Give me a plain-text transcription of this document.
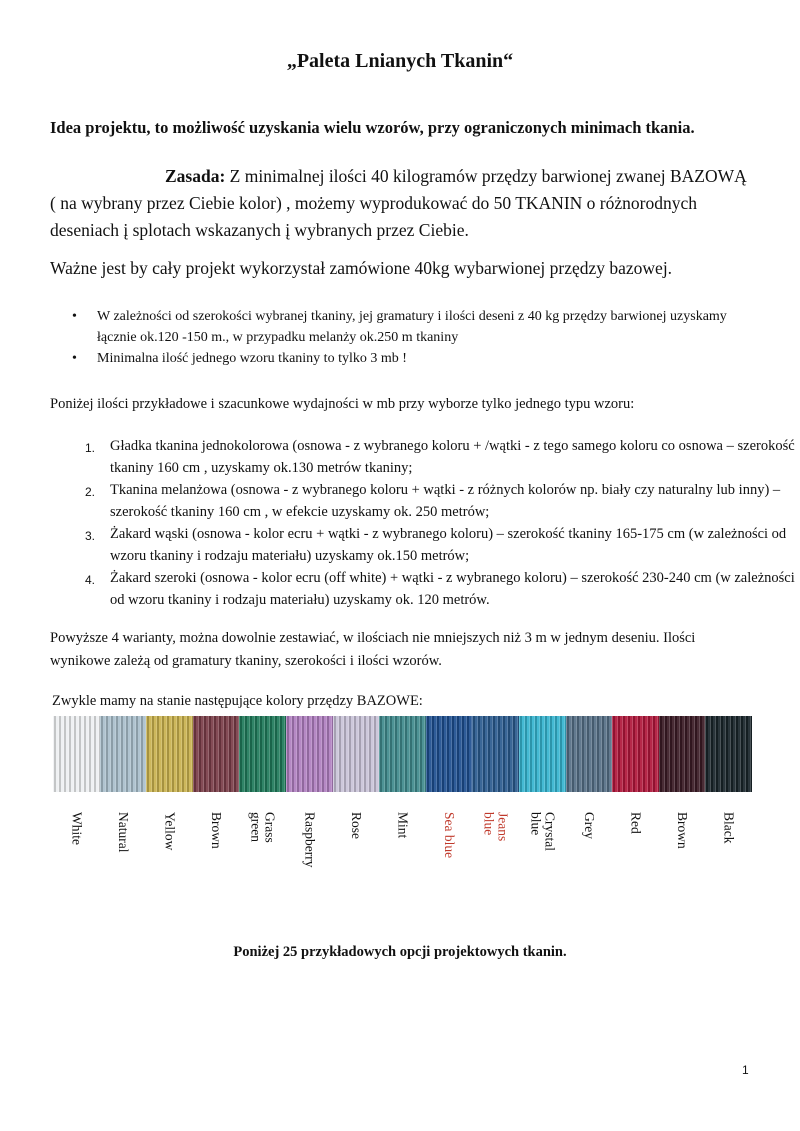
„Paleta Lnianych Tkanin“
Idea projektu, to możliwość uzyskania wielu wzorów, przy ograniczonych minimach tkania.
Zasada: Z minimalnej ilości 40 kilogramów przędzy barwionej zwanej BAZOWĄ ( na wybrany przez Ciebie kolor) , możemy wyprodukować do 50 TKANIN o różnorodnych deseniach į splotach wskazanych į wybranych przez Ciebie.
Ważne jest by cały projekt wykorzystał zamówione 40kg wybarwionej przędzy bazowej.
• W zależności od szerokości wybranej tkaniny, jej gramatury i ilości deseni z 40 kg przędzy barwionej uzyskamy łącznie ok.120 -150 m., w przypadku melanży ok.250 m tkaniny
• Minimalna ilość jednego wzoru tkaniny to tylko 3 mb !
Poniżej ilości przykładowe i szacunkowe wydajności w mb przy wyborze tylko jednego typu wzoru:
1. Gładka tkanina jednokolorowa (osnowa - z wybranego koloru + /wątki - z tego samego koloru co osnowa – szerokość tkaniny 160 cm , uzyskamy ok.130 metrów tkaniny;
2. Tkanina melanżowa (osnowa - z wybranego koloru + wątki - z różnych kolorów np. biały czy naturalny lub inny) – szerokość tkaniny 160 cm , w efekcie uzyskamy ok. 250 metrów;
3. Żakard wąski (osnowa - kolor ecru + wątki - z wybranego koloru) – szerokość tkaniny 165-175 cm (w zależności od wzoru tkaniny i rodzaju materiału) uzyskamy ok.150 metrów;
4. Żakard szeroki (osnowa - kolor ecru (off white) + wątki - z wybranego koloru) – szerokość 230-240 cm (w zależności od wzoru tkaniny i rodzaju materiału) uzyskamy ok. 120 metrów.
Powyższe 4 warianty, można dowolnie zestawiać, w ilościach nie mniejszych niż 3 m w jednym deseniu. Ilości wynikowe zależą od gramatury tkaniny, szerokości i ilości wzorów.
Zwykle mamy na stanie następujące kolory przędzy BAZOWE:
White Natural Yellow Brown	Grass
green	Raspberry Rose Mint Sea blue	Jeans
blue	Crystal
blue	Grey Red Brown Black
Poniżej 25 przykładowych opcji projektowych tkanin.
1
